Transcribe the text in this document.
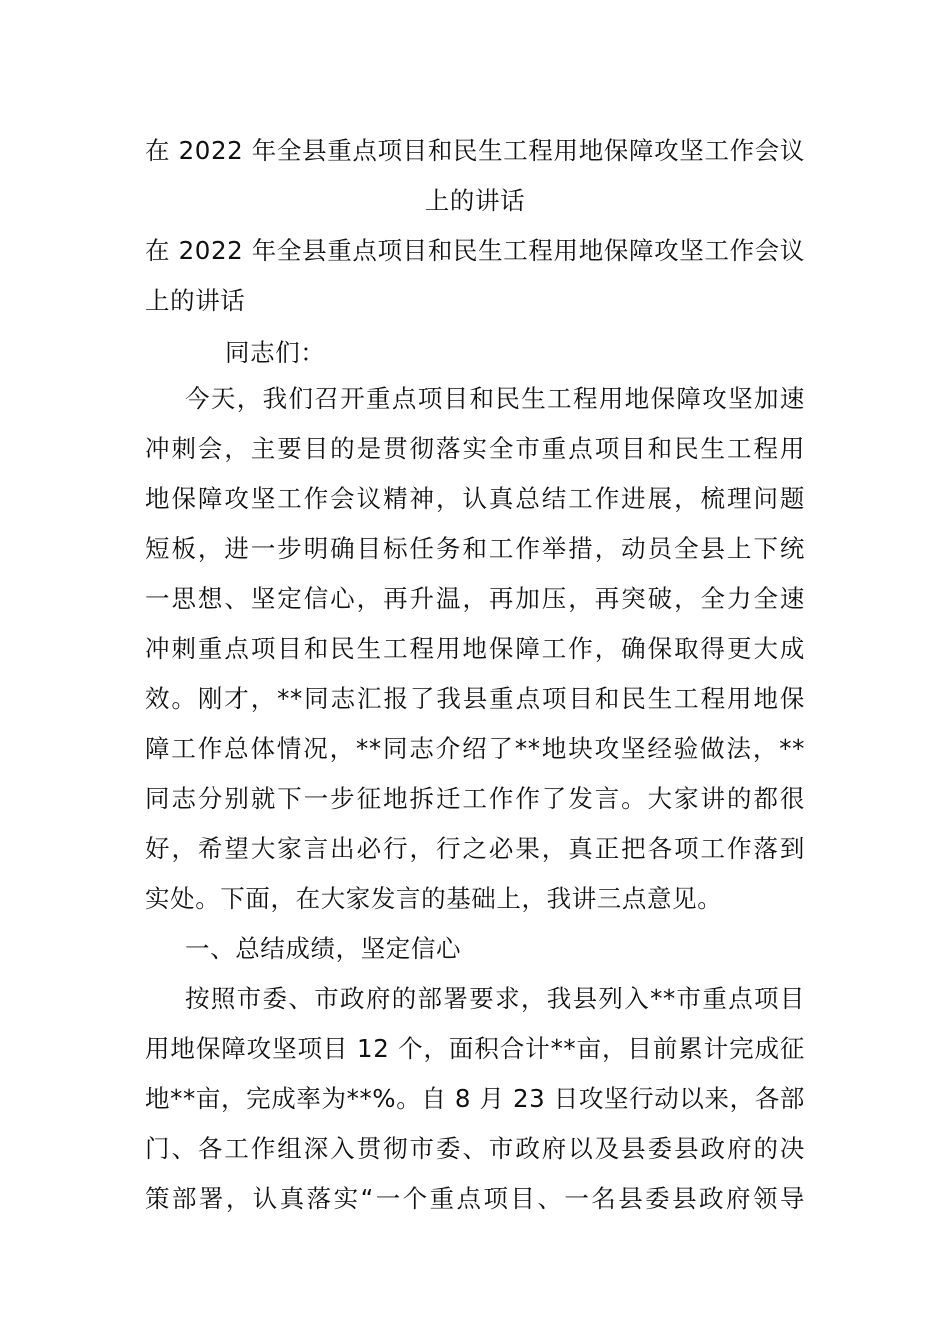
在 2022 年全县重点项目和民生工程用地保障攻坚工作会议
上的讲话
在 2022 年全县重点项目和民生工程用地保障攻坚工作会议
上的讲话
同志们：
今天，我们召开重点项目和民生工程用地保障攻坚加速
冲刺会，主要目的是贯彻落实全市重点项目和民生工程用
地保障攻坚工作会议精神，认真总结工作进展，梳理问题
短板，进一步明确目标任务和工作举措，动员全县上下统
一思想、坚定信心，再升温，再加压，再突破，全力全速
冲刺重点项目和民生工程用地保障工作，确保取得更大成
效。刚才，**同志汇报了我县重点项目和民生工程用地保
障工作总体情况，**同志介绍了**地块攻坚经验做法，**
同志分别就下一步征地拆迁工作作了发言。大家讲的都很
好，希望大家言出必行，行之必果，真正把各项工作落到
实处。下面，在大家发言的基础上，我讲三点意见。
一、总结成绩，坚定信心
按照市委、市政府的部署要求，我县列入**市重点项目
用地保障攻坚项目 12 个，面积合计**亩，目前累计完成征
地**亩，完成率为**%。自 8 月 23 日攻坚行动以来，各部
门、各工作组深入贯彻市委、市政府以及县委县政府的决
策部署，认真落实“一个重点项目、一名县委县政府领导
